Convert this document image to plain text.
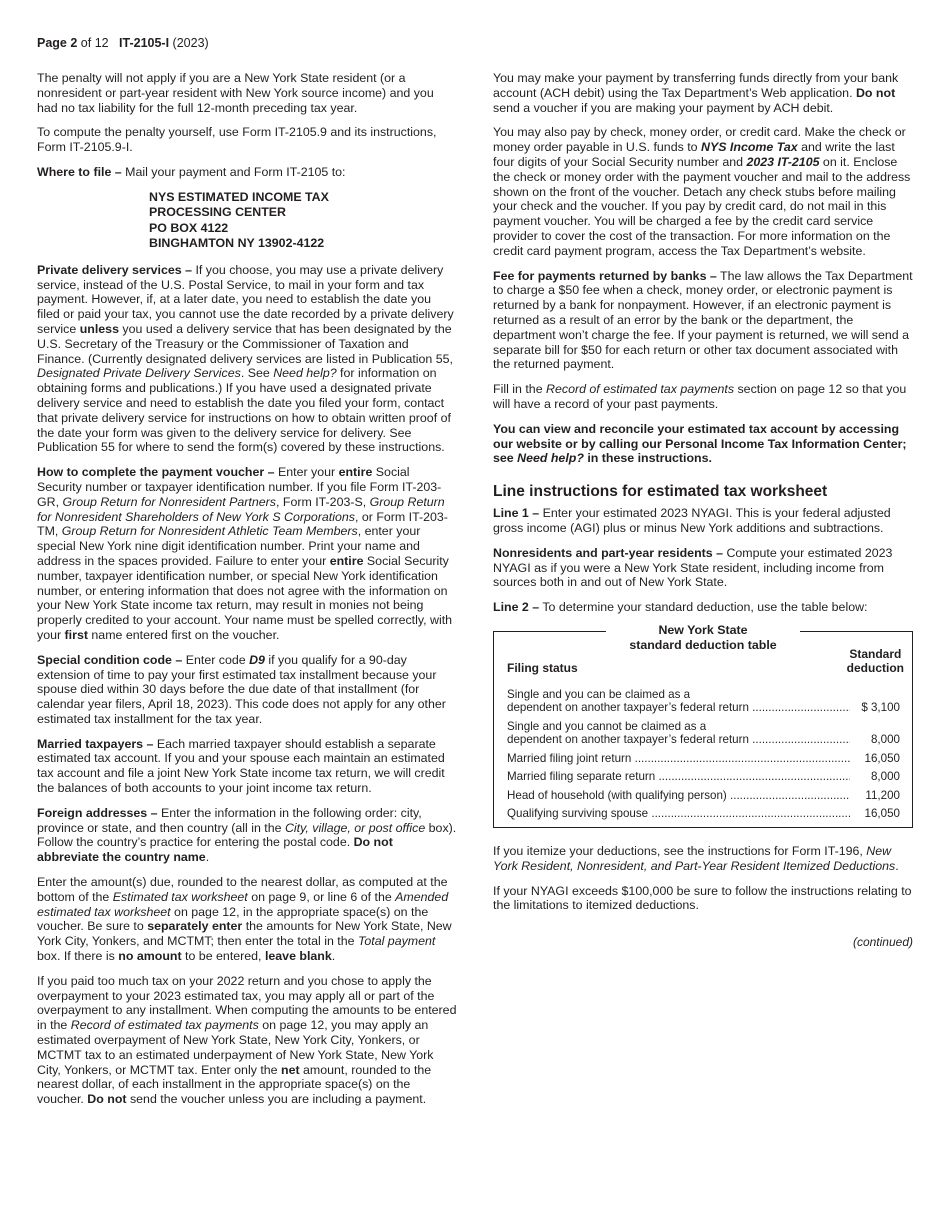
Page 2 of 12 IT-2105-I (2023)

The penalty will not apply if you are a New York State resident (or a nonresident or part-year resident with New York source income) and you had no tax liability for the full 12-month preceding tax year.

To compute the penalty yourself, use Form IT-2105.9 and its instructions, Form IT-2105.9-I.

Where to file – Mail your payment and Form IT-2105 to:

NYS ESTIMATED INCOME TAX
PROCESSING CENTER
PO BOX 4122
BINGHAMTON NY 13902-4122

Private delivery services – If you choose, you may use a private delivery service, instead of the U.S. Postal Service, to mail in your form and tax payment. However, if, at a later date, you need to establish the date you filed or paid your tax, you cannot use the date recorded by a private delivery service unless you used a delivery service that has been designated by the U.S. Secretary of the Treasury or the Commissioner of Taxation and Finance. (Currently designated delivery services are listed in Publication 55, Designated Private Delivery Services. See Need help? for information on obtaining forms and publications.) If you have used a designated private delivery service and need to establish the date you filed your form, contact that private delivery service for instructions on how to obtain written proof of the date your form was given to the delivery service for delivery. See Publication 55 for where to send the form(s) covered by these instructions.

How to complete the payment voucher – Enter your entire Social Security number or taxpayer identification number. If you file Form IT-203-GR, Group Return for Nonresident Partners, Form IT-203-S, Group Return for Nonresident Shareholders of New York S Corporations, or Form IT-203-TM, Group Return for Nonresident Athletic Team Members, enter your special New York nine digit identification number. Print your name and address in the spaces provided. Failure to enter your entire Social Security number, taxpayer identification number, or special New York identification number, or entering information that does not agree with the information on your New York State income tax return, may result in monies not being properly credited to your account. Your name must be spelled correctly, with your first name entered first on the voucher.

Special condition code – Enter code D9 if you qualify for a 90-day extension of time to pay your first estimated tax installment because your spouse died within 30 days before the due date of that installment (for calendar year filers, April 18, 2023). This code does not apply for any other estimated tax installment for the tax year.

Married taxpayers – Each married taxpayer should establish a separate estimated tax account. If you and your spouse each maintain an estimated tax account and file a joint New York State income tax return, we will credit the balances of both accounts to your joint income tax return.

Foreign addresses – Enter the information in the following order: city, province or state, and then country (all in the City, village, or post office box). Follow the country’s practice for entering the postal code. Do not abbreviate the country name.

Enter the amount(s) due, rounded to the nearest dollar, as computed at the bottom of the Estimated tax worksheet on page 9, or line 6 of the Amended estimated tax worksheet on page 12, in the appropriate space(s) on the voucher. Be sure to separately enter the amounts for New York State, New York City, Yonkers, and MCTMT; then enter the total in the Total payment box. If there is no amount to be entered, leave blank.

If you paid too much tax on your 2022 return and you chose to apply the overpayment to your 2023 estimated tax, you may apply all or part of the overpayment to any installment. When computing the amounts to be entered in the Record of estimated tax payments on page 12, you may apply an estimated overpayment of New York State, New York City, Yonkers, or MCTMT tax to an estimated underpayment of New York State, New York City, Yonkers, or MCTMT tax. Enter only the net amount, rounded to the nearest dollar, of each installment in the appropriate space(s) on the voucher. Do not send the voucher unless you are including a payment.

You may make your payment by transferring funds directly from your bank account (ACH debit) using the Tax Department’s Web application. Do not send a voucher if you are making your payment by ACH debit.

You may also pay by check, money order, or credit card. Make the check or money order payable in U.S. funds to NYS Income Tax and write the last four digits of your Social Security number and 2023 IT-2105 on it. Enclose the check or money order with the payment voucher and mail to the address shown on the front of the voucher. Detach any check stubs before mailing your check and the voucher. If you pay by credit card, do not mail in this payment voucher. You will be charged a fee by the credit card service provider to cover the cost of the transaction. For more information on the credit card payment program, access the Tax Department’s website.

Fee for payments returned by banks – The law allows the Tax Department to charge a $50 fee when a check, money order, or electronic payment is returned by a bank for nonpayment. However, if an electronic payment is returned as a result of an error by the bank or the department, the department won’t charge the fee. If your payment is returned, we will send a separate bill for $50 for each return or other tax document associated with the returned payment.

Fill in the Record of estimated tax payments section on page 12 so that you will have a record of your past payments.

You can view and reconcile your estimated tax account by accessing our website or by calling our Personal Income Tax Information Center; see Need help? in these instructions.

Line instructions for estimated tax worksheet

Line 1 – Enter your estimated 2023 NYAGI. This is your federal adjusted gross income (AGI) plus or minus New York additions and subtractions.

Nonresidents and part-year residents – Compute your estimated 2023 NYAGI as if you were a New York State resident, including income from sources both in and out of New York State.

Line 2 – To determine your standard deduction, use the table below:

New York State
standard deduction table
Filing status
Standard
deduction
Single and you can be claimed as a
dependent on another taxpayer’s federal return .....	$ 3,100
Single and you cannot be claimed as a
dependent on another taxpayer’s federal return .....	8,000
Married filing joint return .....	16,050
Married filing separate return .....	8,000
Head of household (with qualifying person) .....	11,200
Qualifying surviving spouse .....	16,050

If you itemize your deductions, see the instructions for Form IT-196, New York Resident, Nonresident, and Part-Year Resident Itemized Deductions.

If your NYAGI exceeds $100,000 be sure to follow the instructions relating to the limitations to itemized deductions.

(continued)
